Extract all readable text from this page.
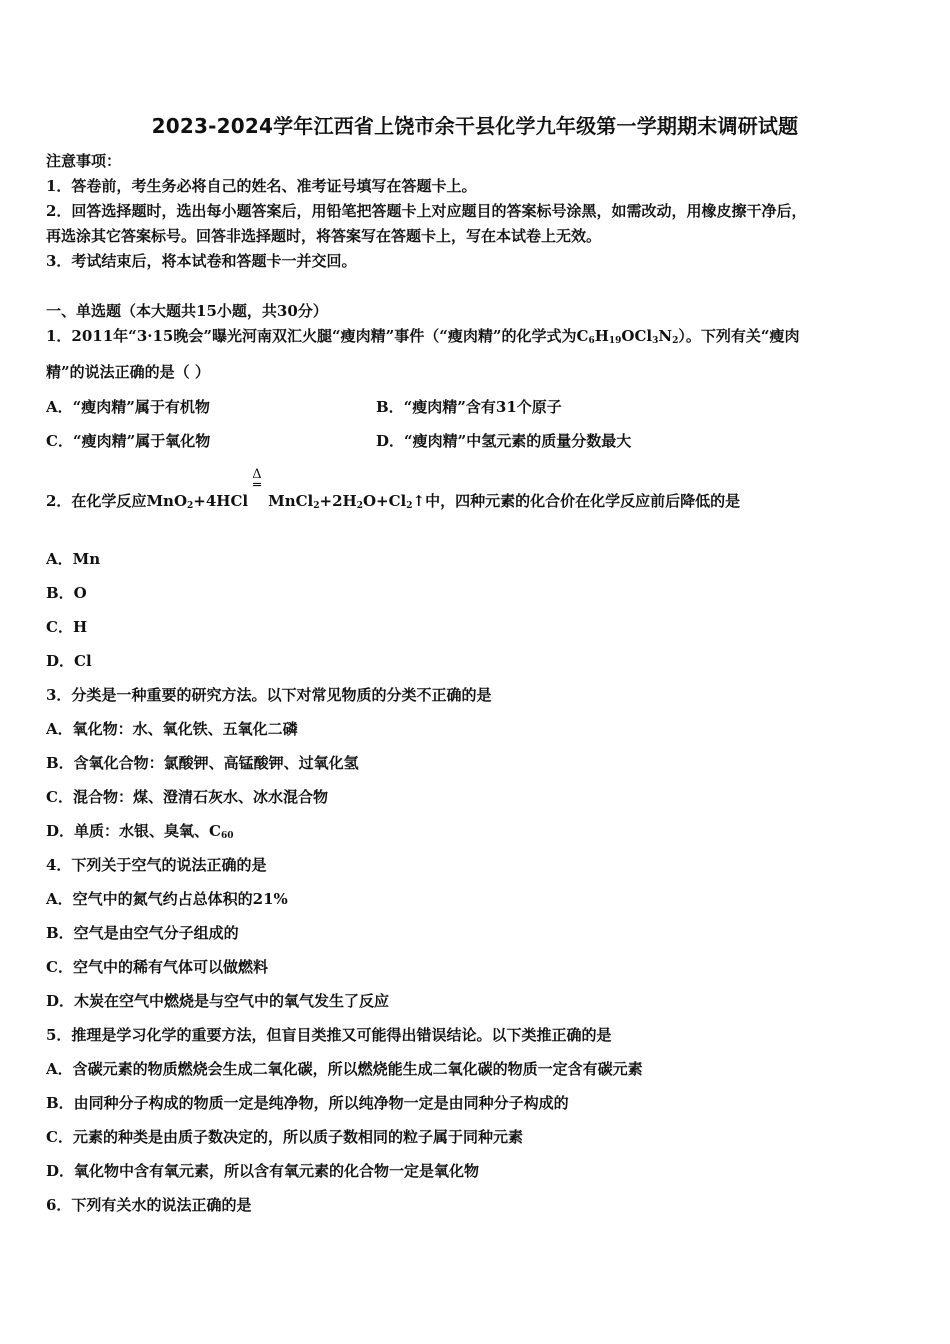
2023-2024学年江西省上饶市余干县化学九年级第一学期期末调研试题
注意事项：
1．答卷前，考生务必将自己的姓名、准考证号填写在答题卡上。
2．回答选择题时，选出每小题答案后，用铅笔把答题卡上对应题目的答案标号涂黑，如需改动，用橡皮擦干净后，
再选涂其它答案标号。回答非选择题时，将答案写在答题卡上，写在本试卷上无效。
3．考试结束后，将本试卷和答题卡一并交回。
一、单选题（本大题共15小题，共30分）
1．2011年“3·15晚会”曝光河南双汇火腿“瘦肉精”事件（“瘦肉精”的化学式为$C_6H_{19}OCl_3N_2$）。下列有关“瘦肉
精”的说法正确的是（ ）
A．“瘦肉精”属于有机物	B．“瘦肉精”含有31个原子
C．“瘦肉精”属于氧化物	D．“瘦肉精”中氢元素的质量分数最大
Δ
═
2．在化学反应MnO$_2$+4HCl $MnCl_2+2H_2O+Cl_2↑$中，四种元素的化合价在化学反应前后降低的是
A．Mn
B．O
C．H
D．Cl
3．分类是一种重要的研究方法。以下对常见物质的分类不正确的是
A．氧化物：水、氧化铁、五氧化二磷
B．含氧化合物：氯酸钾、高锰酸钾、过氧化氢
C．混合物：煤、澄清石灰水、冰水混合物
D．单质：水银、臭氧、$C_{60}$
4．下列关于空气的说法正确的是
A．空气中的氮气约占总体积的21%
B．空气是由空气分子组成的
C．空气中的稀有气体可以做燃料
D．木炭在空气中燃烧是与空气中的氧气发生了反应
5．推理是学习化学的重要方法，但盲目类推又可能得出错误结论。以下类推正确的是
A．含碳元素的物质燃烧会生成二氧化碳，所以燃烧能生成二氧化碳的物质一定含有碳元素
B．由同种分子构成的物质一定是纯净物，所以纯净物一定是由同种分子构成的
C．元素的种类是由质子数决定的，所以质子数相同的粒子属于同种元素
D．氧化物中含有氧元素，所以含有氧元素的化合物一定是氧化物
6．下列有关水的说法正确的是
